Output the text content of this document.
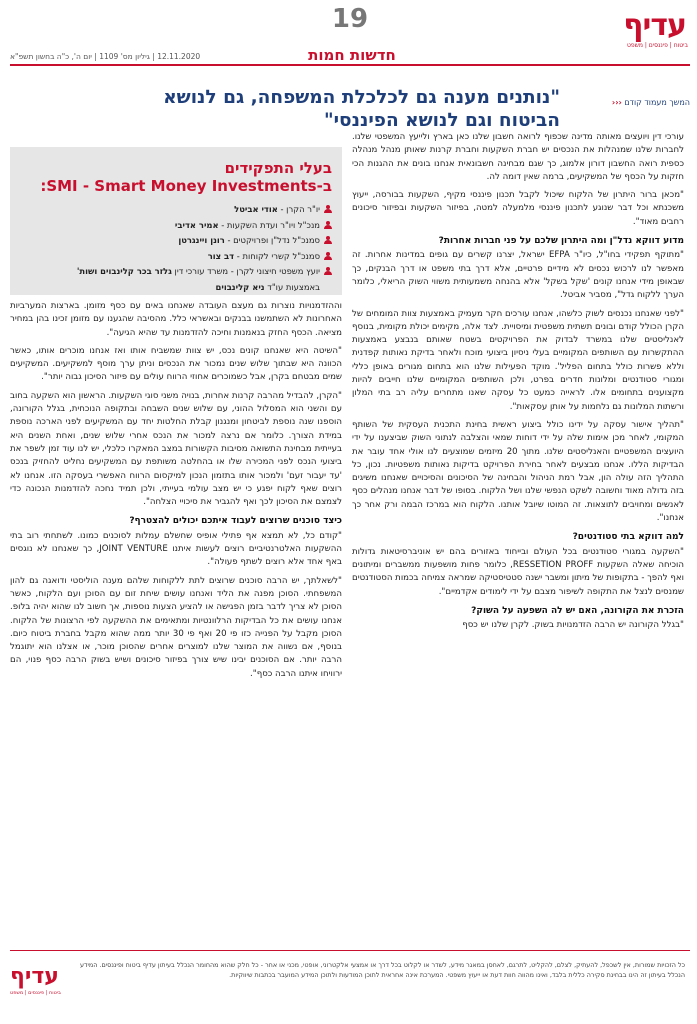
19	עדיף
ביטוח | פיננסים | משפט
12.11.2020 | גיליון מס' 1109 | יום ה', כ"ה בחשון תשפ"א	חדשות חמות
המשך מעמוד קודם ‹‹‹
"נותנים מענה גם לכלכלת המשפחה, גם לנושא הביטוח וגם לנושא הפיננסי"

עורכי דין ויועצים מאותה מדינה שכפוף לרואה חשבון שלנו כאן בארץ ולייעץ המשפטי שלנו. לחברות שלנו שמנהלות את הנכסים יש חברת השקעות וחברת קרנות שאותן מנהל מנהלה כספית רואה החשבון דורון אלמוג, כך שגם מבחינה חשבונאית אנחנו בונים את ההגנות הכי חזקות על הכסף של המשקיעים, ברמה שאין דומה לה.

"מכאן ברור היתרון של הלקוח שיכול לקבל תכנון פיננסי מקיף, השקעות בבורסה, ייעוץ משכנתא וכל דבר שנוגע לתכנון פיננסי מלמעלה למטה, בפיזור השקעות ובפיזור סיכונים רחבים מאוד".

מדוע דווקא נדל"ן ומה היתרון שלכם על פני חברות אחרות?

"מתוקף תפקידי בחו"ל, כיו"ר EFPA ישראל, יצרנו קשרים עם גופים במדינות אחרות. זה מאפשר לנו לרכוש נכסים לא מידיים פרטיים, אלא דרך בתי משפט או דרך הבנקים, כך שבאופן מידי אנחנו קונים 'שקל בשקל' אלא בהנחה משמעותית משווי השוק הריאלי, כלומר הערך ללקוח גדל", מסביר אביטל.

"לפני שאנחנו נכנסים לשוק כלשהו, אנחנו עורכים חקר מעמיק באמצעות צוות המומחים של הקרן הכולל קודם ובונים תשתית משפטית ומיסויית. לצד אלה, מקימים יכולת מקומית, בנוסף לאנליסטים שלנו במשרד לבדוק את הפרויקטים בשטח שאותם בנבצע באמצעות ההתקשרות עם השותפים המקומיים בעלי ניסיון ביצועי מוכח ולאחר בדיקת נאותות קפדנית וללא פשרות כולל בתחום הפליל'. מוקד הפעילות שלנו הוא בתחום מגורים באופן כללי ומגורי סטודנטים ומלונות חדרים בפרט, ולכן השותפים המקומיים שלנו חייבים להיות מקצוענים בתחומים אלו. לראייה כמעט כל עסקה שאנו מתחרים עליה רב בתי המלון ורשתות המלונות גם נלחמות על אותן עסקאות".

"תהליך אישור עסקה על ידינו כולל ביצוע ראשית בחינת התכנית העסקית של השותף המקומי, לאחר מכן אימות שלה על ידי דוחות שמאי והצלבה לנתוני השוק שביצענו על ידי היועצים המשפטיים והאנליסטים שלנו. מתוך 20 מיזמים שמוצעים לנו אולי אחד עובר את הבדיקות הללו. אנחנו מבצעים לאחר בחירת הפרויקט בדיקות נאותות משפטיות. נכון, כל התהליך הזה עולה הון, אבל רמת הניהול והבחינה של הסיכונים והסיכויים שאנחנו משיגים בזה גדולה מאוד וחשובה לשקט הנפשי שלנו ושל הלקוח. בסופו של דבר אנחנו מנהלים כסף לאנשים ומחויבים לתוצאות. זה המוטו שיובל אותנו. הלקוח הוא במרכז הבמה ורק אחר כך אנחנו".

למה דווקא בתי סטודנטים?

"השקעה במגורי סטודנטים בכל העולם ובייחוד באזורים בהם יש אוניברסיטאות גדולות הוכיחה שאלה השקעות RESSETION PROFF, כלומר פחות מושפעות ממשברים ומיתונים ואף להפך - בתקופות של מיתון ומשבר ישנה סטטיסטיקה שמראה צמיחה בכמות הסטודנטים שמנסים לנצל את התקופה לשיפור מצבם על ידי לימודים אקדמיים".

הזכרת את הקורונה, האם יש לה השפעה על השוק?

"בגלל הקורונה יש הרבה הזדמנויות בשוק. לקרן שלנו יש כסף

בעלי התפקידים
ב-SMI - Smart Money Investments:
יו"ר הקרן - אודי אביטל
מנכ"ל ויו"ר ועדת השקעות - אמיר אדיבי
סמנכ"ל נדל"ן ופרויקטים - רונן ויינגרטן
סמנכ"ל קשרי לקוחות - דב צור
יועץ משפטי חיצוני לקרן - משרד עורכי דין גלזר בכר קלינבוים ושות'
באמצעות עו"ד ניא קלינבוים

וההזדמנויות נוצרות גם מעצם העובדה שאנחנו באים עם כסף מזומן. בארצות המערביות האחרונות לא השתמשנו בבנקים ובאשראי כלל. מהסיבה שהגענו עם מזומן זכינו בהן במחיר מציאה. הכסף החזק בנאמנות וחיכה להזדמנות עד שהיא הגיעה".

"השיטה היא שאנחנו קונים נכס, יש צוות שמשביח אותו ואז אנחנו מוכרים אותו, כאשר הכוונה היא שבתוך שלוש שנים נמכור את הנכסים וניתן ערך מוסף למשקיעים. המשקיעים שמים מבטחם בקרן, אבל כשמוכרים אחוזי הרווח עולים עם פיזור הסיכון גבוה יותר".

"הקרן, להבדיל מהרבה קרנות אחרות, בנויה משני סוגי השקעות. הראשון הוא השקעה בחוב עם והשני הוא המסלול ההוני, עם שלוש שנים השבחה ובתקופה הנוכחית, בגלל הקורונה, הוספנו שנה נוספת לביטחון ומנגנון קבלת החלטות יחד עם המשקיעים לפני הארכה נוספת במידת הצורך. כלומר אם נרצה למכור את הנכס אחרי שלוש שנים, ואחת השנים היא בעייתית מבחינת התשואה מסיבות הקשורות במצב המאקרו כלכלי, יש לנו עוד זמן לשפר את ביצועי הנכס לפני המכירה שלו או בהחלטה משותפת עם המשקיעים נחליט להחזיק בנכס 'עד יעבור זעם' ולמכור אותו בתזמון הנכון למיקסום הרווח האפשרי בעסקה הזו. אנחנו לא רוצים שאף לקוח יפגע כי יש מצב עולמי בעייתי, ולכן תמיד נחכה להזדמנות הנכונה כדי לצמצם את הסיכון לכך ואף להגביר את סיכויי הצלחה".

כיצד סוכנים שרוצים לעבוד איתכם יכולים להצטרף?

"קודם כל, לא תמצא אף פתילי אופיס שחשלם עמלות לסוכנים כמונו. לשתחתי רוב בתי ההשקעות האלטרנטיביים רוצים לעשות איתנו JOINT VENTURE, כך שאנחנו לא נוגסים באף אחד אלא רוצים לשתף פעולה".

"לשאלתך, יש הרבה סוכנים שרוצים לתת ללקוחות שלהם מענה הוליסטי ודואגה גם להון המשפחתי. הסוכן מפנה את הליד ואנחנו עושים שיחת זום עם הסוכן ועם הלקוח, כאשר הסוכן לא צריך לדבר בזמן הפגישה או להציע הצעות נוספות, אך חשוב לנו שהוא יהיה בלופ. אנחנו עושים את כל הבדיקות הרלוונטיות ומתאימים את ההשקעה לפי הרצונות של הלקוח. הסוכן מקבל על הפנייה כזו פי 20 ואף פי 30 יותר ממה שהוא מקבל בחברת ביטוח כיום. בנוסף, אם נשווה את המוצר שלנו למוצרים אחרים שהסוכן מוכר, או אצלנו הוא יתוגמל הרבה יותר. אם הסוכנים יבינו שיש צורך בפיזור סיכונים ושיש בשוק הרבה כסף פנוי, הם ירוויחו איתנו הרבה כסף".

כל הזכויות שמורות, אין לשכפל, להעתיק, לצלם, להקליט, לתרגם, לאחסן במאגר מידע, לשדר או לקלוט בכל דרך או אמצעי אלקטרוני, אופטי, מכני או אחר - כל חלק שהוא מהחומר הנכלל בעיתון עדיף ביטוח ופיננסים. המידע הנכלל בעיתון זה הינו בבחינת סקירה כללית בלבד, ואינו מהווה חוות דעת או ייעוץ משפטי. המערכת אינה אחראית לתוכן המודעות ולתוכן המידע המועבר בכתבות שיווקיות.
עדיף
ביטוח | פיננסים | משפט
